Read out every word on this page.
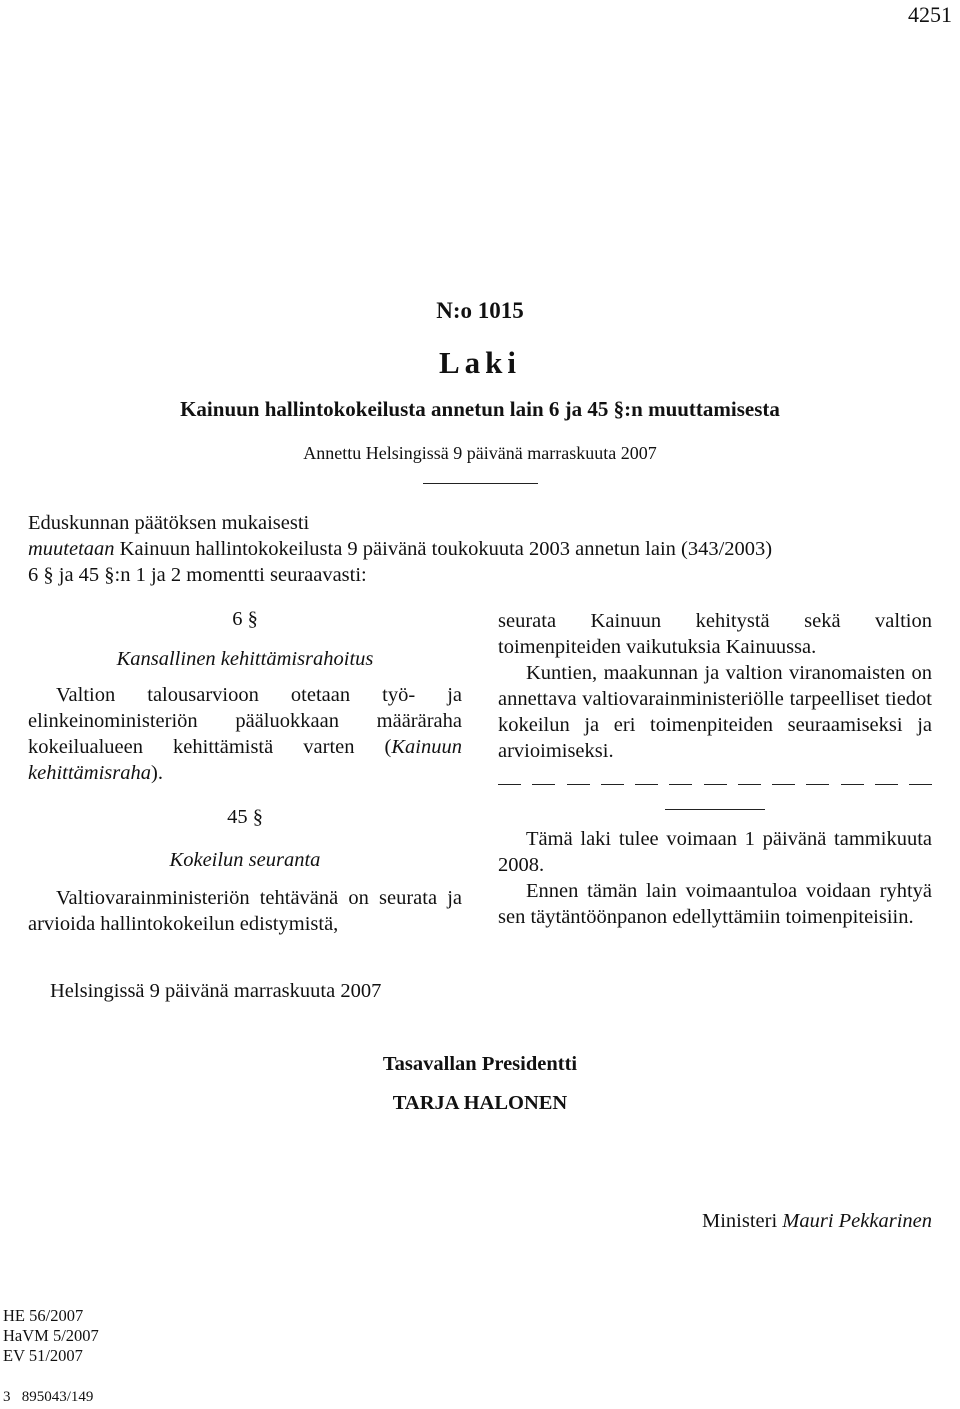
4251
N:o 1015
Laki
Kainuun hallintokokeilusta annetun lain 6 ja 45 §:n muuttamisesta
Annettu Helsingissä 9 päivänä marraskuuta 2007

Eduskunnan päätöksen mukaisesti

muutetaan Kainuun hallintokokeilusta 9 päivänä toukokuuta 2003 annetun lain (343/2003)

6 § ja 45 §:n 1 ja 2 momentti seuraavasti:

6 §

Kansallinen kehittämisrahoitus

Valtion talousarvioon otetaan työ- ja elinkeinoministeriön pääluokkaan määräraha kokeilualueen kehittämistä varten (Kainuun kehittämisraha).

45 §

Kokeilun seuranta

Valtiovarainministeriön tehtävänä on seurata ja arvioida hallintokokeilun edistymistä,

seurata Kainuun kehitystä sekä valtion toimenpiteiden vaikutuksia Kainuussa.

Kuntien, maakunnan ja valtion viranomaisten on annettava valtiovarainministeriölle tarpeelliset tiedot kokeilun ja eri toimenpiteiden seuraamiseksi ja arvioimiseksi.

Tämä laki tulee voimaan 1 päivänä tammikuuta 2008.

Ennen tämän lain voimaantuloa voidaan ryhtyä sen täytäntöönpanon edellyttämiin toimenpiteisiin.

Helsingissä 9 päivänä marraskuuta 2007
Tasavallan Presidentti
TARJA HALONEN
Ministeri Mauri Pekkarinen
HE 56/2007
HaVM 5/2007
EV 51/2007
3   895043/149
